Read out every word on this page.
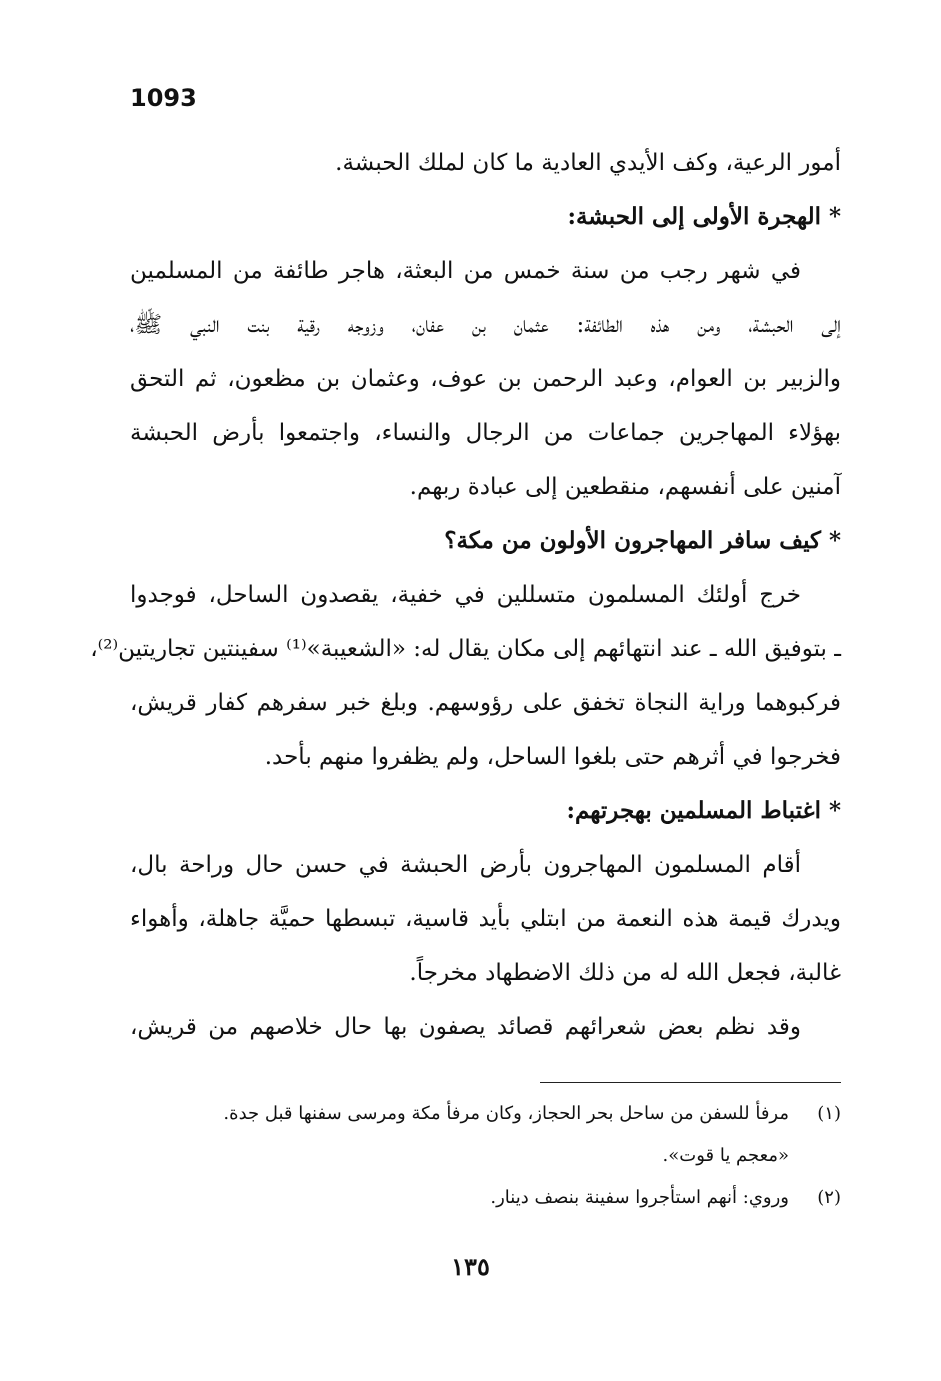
1093
أمور الرعية، وكف الأيدي العادية ما كان لملك الحبشة.
* الهجرة الأولى إلى الحبشة:
في شهر رجب من سنة خمس من البعثة، هاجر طائفة من المسلمين
إلى الحبشة، ومن هذه الطائفة: عثمان بن عفان، وزوجه رقية بنت النبي ﷺ،
والزبير بن العوام، وعبد الرحمن بن عوف، وعثمان بن مظعون، ثم التحق
بهؤلاء المهاجرين جماعات من الرجال والنساء، واجتمعوا بأرض الحبشة
آمنين على أنفسهم، منقطعين إلى عبادة ربهم.
* كيف سافر المهاجرون الأولون من مكة؟
خرج أولئك المسلمون متسللين في خفية، يقصدون الساحل، فوجدوا
ـ بتوفيق الله ـ عند انتهائهم إلى مكان يقال له: «الشعيبة»⁽¹⁾ سفينتين تجاريتين⁽²⁾،
فركبوهما وراية النجاة تخفق على رؤوسهم. وبلغ خبر سفرهم كفار قريش،
فخرجوا في أثرهم حتى بلغوا الساحل، ولم يظفروا منهم بأحد.
* اغتباط المسلمين بهجرتهم:
أقام المسلمون المهاجرون بأرض الحبشة في حسن حال وراحة بال،
ويدرك قيمة هذه النعمة من ابتلي بأيد قاسية، تبسطها حميَّة جاهلة، وأهواء
غالبة، فجعل الله له من ذلك الاضطهاد مخرجاً.
وقد نظم بعض شعرائهم قصائد يصفون بها حال خلاصهم من قريش،
(١)مرفأ للسفن من ساحل بحر الحجاز، وكان مرفأ مكة ومرسى سفنها قبل جدة.
«معجم يا قوت».
(٢)وروي: أنهم استأجروا سفينة بنصف دينار.
١٣٥
